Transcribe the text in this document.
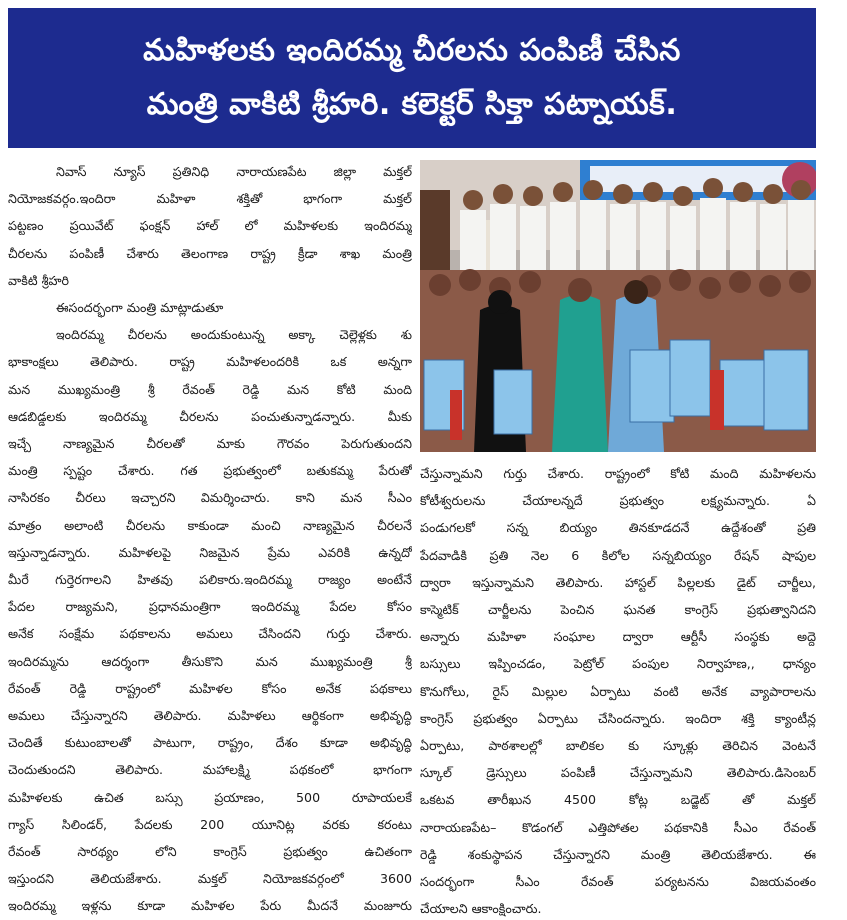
మహిళలకు ఇందిరమ్మ చీరలను పంపిణీ చేసిన
మంత్రి వాకిటి శ్రీహరి. కలెక్టర్ సిక్తా పట్నాయక్.
నివాస్ న్యూస్ ప్రతినిధి నారాయణపేట జిల్లా మక్తల్
నియోజకవర్గం.ఇందిరా మహిళా శక్తితో భాగంగా మక్తల్
పట్టణం ప్రయివేట్ ఫంక్షన్ హాల్ లో మహిళలకు ఇందిరమ్మ
చీరలను పంపిణీ చేశారు తెలంగాణ రాష్ట్ర క్రీడా శాఖ మంత్రి
వాకిటి శ్రీహరి
ఈసందర్భంగా మంత్రి మాట్లాడుతూ
ఇందిరమ్మ చీరలను అందుకుంటున్న అక్కా చెల్లెళ్లకు శు
భాకాంక్షలు తెలిపారు. రాష్ట్ర మహిళలందరికి ఒక అన్నగా
మన ముఖ్యమంత్రి శ్రీ రేవంత్ రెడ్డి మన కోటి మంది
ఆడబిడ్డలకు ఇందిరమ్మ చీరలను పంచుతున్నాడన్నారు. మీకు
ఇచ్చే నాణ్యమైన చీరలతో మాకు గౌరవం పెరుగుతుందని
మంత్రి స్పష్టం చేశారు. గత ప్రభుత్వంలో బతుకమ్మ పేరుతో
నాసిరకం చీరలు ఇచ్చారని విమర్శించారు. కాని మన సీఎం
మాత్రం అలాంటి చీరలను కాకుండా మంచి నాణ్యమైన చీరలనే
ఇస్తున్నాడన్నారు. మహిళలపై నిజమైన ప్రేమ ఎవరికి ఉన్నదో
మీరే గుర్తెరగాలని హితవు పలికారు.ఇందిరమ్మ రాజ్యం అంటేనే
పేదల రాజ్యమని, ప్రధానమంత్రిగా ఇందిరమ్మ పేదల కోసం
అనేక సంక్షేమ పథకాలను అమలు చేసిందని గుర్తు చేశారు.
ఇందిరమ్మను ఆదర్శంగా తీసుకొని మన ముఖ్యమంత్రి శ్రీ
రేవంత్ రెడ్డి రాష్ట్రంలో మహిళల కోసం అనేక పథకాలు
అమలు చేస్తున్నారని తెలిపారు. మహిళలు ఆర్థికంగా అభివృద్ధి
చెందితే కుటుంబాలతో పాటుగా, రాష్ట్రం, దేశం కూడా అభివృద్ధి
చెందుతుందని తెలిపారు. మహాలక్ష్మి పథకంలో భాగంగా
మహిళలకు ఉచిత బస్సు ప్రయాణం, 500 రూపాయలకే
గ్యాస్ సిలిండర్, పేదలకు 200 యూనిట్ల వరకు కరంటు
రేవంత్ సారథ్యం లోని కాంగ్రెస్ ప్రభుత్వం ఉచితంగా
ఇస్తుందని తెలియజేశారు. మక్తల్ నియోజకవర్గంలో 3600
ఇందిరమ్మ ఇళ్లను కూడా మహిళల పేరు మీదనే మంజూరు
చేస్తున్నామని గుర్తు చేశారు. రాష్ట్రంలో కోటి మంది మహిళలను
కోటీశ్వరులను చేయాలన్నదే ప్రభుత్వం లక్ష్యమన్నారు. ఏ
పండుగలకో సన్న బియ్యం తినకూడదనే ఉద్దేశంతో ప్రతి
పేదవాడికి ప్రతి నెల 6 కిలోల సన్నబియ్యం రేషన్ షాపుల
ద్వారా ఇస్తున్నామని తెలిపారు. హాస్టల్ పిల్లలకు డైట్ చార్జీలు,
కాస్మెటిక్ చార్జీలను పెంచిన ఘనత కాంగ్రెస్ ప్రభుత్వానిదని
అన్నారు మహిళా సంఘాల ద్వారా ఆర్టీసీ సంస్థకు అద్దె
బస్సులు ఇప్పించడం, పెట్రోల్ పంపుల నిర్వాహణ,, ధాన్యం
కొనుగోలు, రైస్ మిల్లుల ఏర్పాటు వంటి అనేక వ్యాపారాలను
కాంగ్రెస్ ప్రభుత్వం ఏర్పాటు చేసిందన్నారు. ఇందిరా శక్తి క్యాంటీన్ల
ఏర్పాటు, పాఠశాలల్లో బాలికల కు స్కూళ్లు తెరిచిన వెంటనే
స్కూల్ డ్రెస్సులు పంపిణీ చేస్తున్నామని తెలిపారు.డిసెంబర్
ఒకటవ తారీఖున 4500 కోట్ల బడ్జెట్ తో మక్తల్
నారాయణపేట– కొడంగల్ ఎత్తిపోతల పథకానికి సీఎం రేవంత్
రెడ్డి శంకుస్థాపన చేస్తున్నారని మంత్రి తెలియజేశారు. ఈ
సందర్భంగా సీఎం రేవంత్ పర్యటనను విజయవంతం
చేయాలని ఆకాంక్షించారు.
